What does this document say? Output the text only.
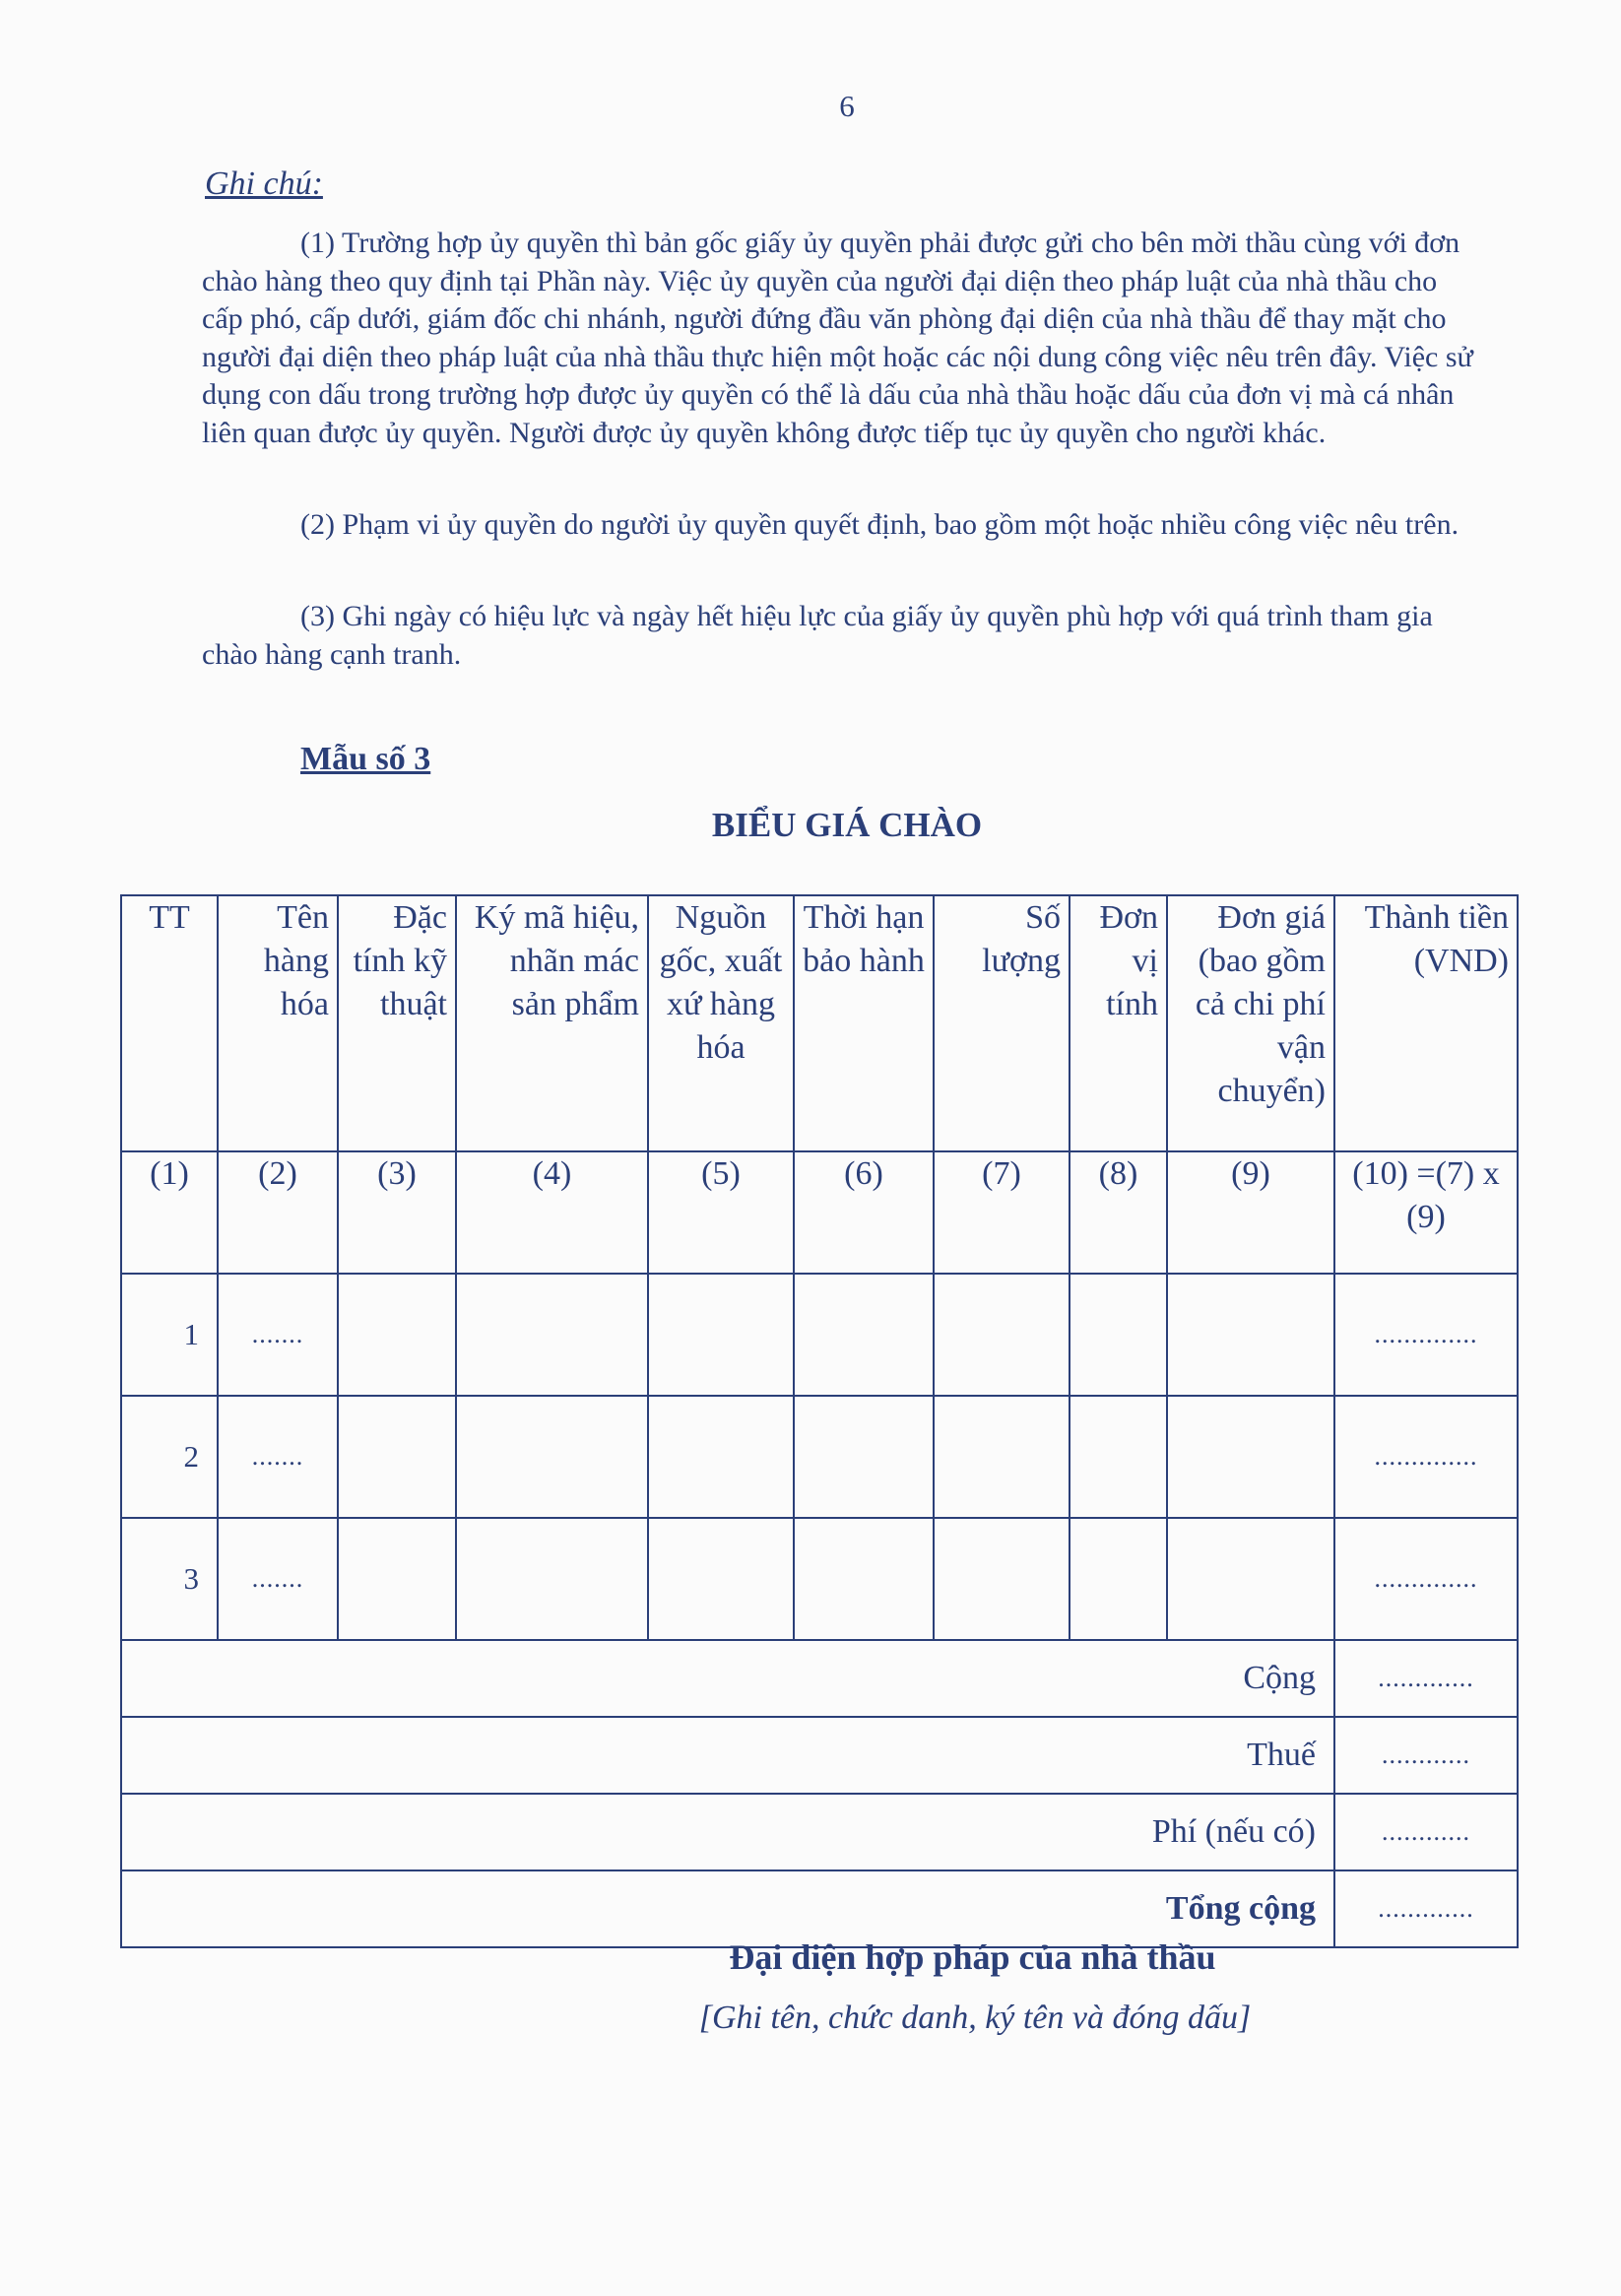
6
Ghi chú:

(1) Trường hợp ủy quyền thì bản gốc giấy ủy quyền phải được gửi cho bên mời thầu cùng với đơn chào hàng theo quy định tại Phần này. Việc ủy quyền của người đại diện theo pháp luật của nhà thầu cho cấp phó, cấp dưới, giám đốc chi nhánh, người đứng đầu văn phòng đại diện của nhà thầu để thay mặt cho người đại diện theo pháp luật của nhà thầu thực hiện một hoặc các nội dung công việc nêu trên đây. Việc sử dụng con dấu trong trường hợp được ủy quyền có thể là dấu của nhà thầu hoặc dấu của đơn vị mà cá nhân liên quan được ủy quyền. Người được ủy quyền không được tiếp tục ủy quyền cho người khác.

(2) Phạm vi ủy quyền do người ủy quyền quyết định, bao gồm một hoặc nhiều công việc nêu trên.

(3) Ghi ngày có hiệu lực và ngày hết hiệu lực của giấy ủy quyền phù hợp với quá trình tham gia chào hàng cạnh tranh.

Mẫu số 3
BIỂU GIÁ CHÀO
TT	Tên hàng hóa	Đặc tính kỹ thuật	Ký mã hiệu, nhãn mác sản phẩm	Nguồn gốc, xuất xứ hàng hóa	Thời hạn bảo hành	Số lượng	Đơn vị tính	Đơn giá (bao gồm cả chi phí vận chuyển)	Thành tiền (VND)
(1)	(2)	(3)	(4)	(5)	(6)	(7)	(8)	(9)	(10) =(7) x (9)
1	.......								..............
2	.......								..............
3	.......								..............
Cộng									.............
Thuế									............
Phí (nếu có)									............
Tổng cộng									.............
Đại diện hợp pháp của nhà thầu
[Ghi tên, chức danh, ký tên và đóng dấu]
